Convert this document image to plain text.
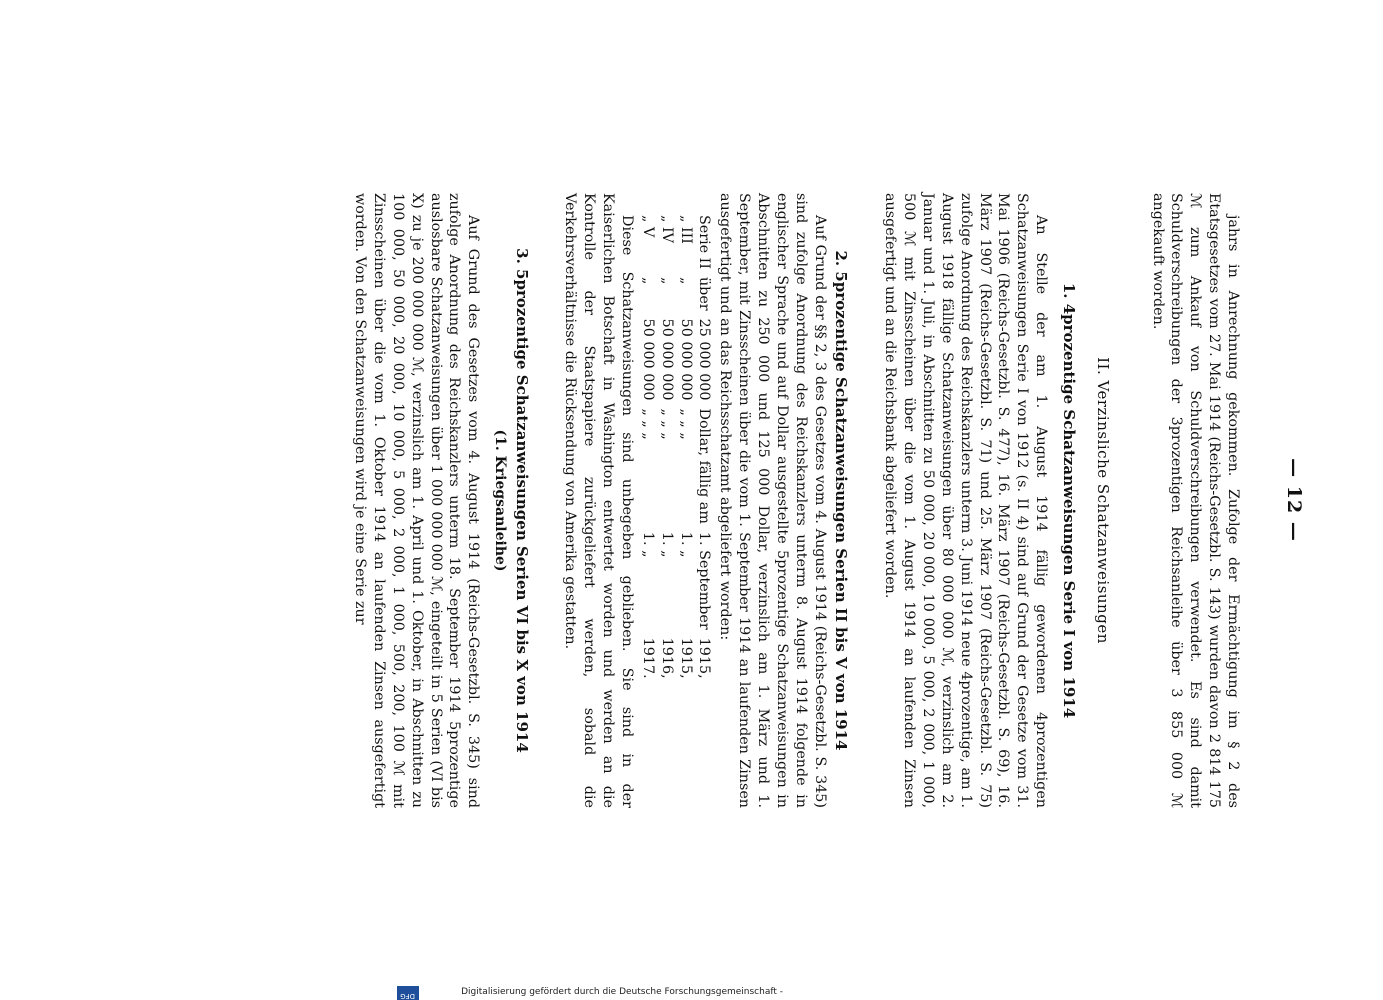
— 12 —

jahrs in Anrechnung gekommen. Zufolge der Ermächtigung im § 2 des Etatsgesetzes vom 27. Mai 1914 (Reichs-Gesetzbl. S. 143) wurden davon 2 814 175 ℳ zum Ankauf von Schuldverschreibungen verwendet. Es sind damit Schuldverschreibungen der 3prozentigen Reichsanleihe über 3 855 000 ℳ angekauft worden.

II. Verzinsliche Schatzanweisungen
1. 4prozentige Schatzanweisungen Serie I von 1914

An Stelle der am 1. August 1914 fällig gewordenen 4prozentigen Schatzanweisungen Serie I von 1912 (s. II 4) sind auf Grund der Gesetze vom 31. Mai 1906 (Reichs-Gesetzbl. S. 477), 16. März 1907 (Reichs-Gesetzbl. S. 69), 16. März 1907 (Reichs-Gesetzbl. S. 71) und 25. März 1907 (Reichs-Gesetzbl. S. 75) zufolge Anordnung des Reichskanzlers unterm 3. Juni 1914 neue 4prozentige, am 1. August 1918 fällige Schatzanweisungen über 80 000 000 ℳ, verzinslich am 2. Januar und 1. Juli, in Abschnitten zu 50 000, 20 000, 10 000, 5 000, 2 000, 1 000, 500 ℳ mit Zinsscheinen über die vom 1. August 1914 an laufenden Zinsen ausgefertigt und an die Reichsbank abgeliefert worden.

2. 5prozentige Schatzanweisungen Serien II bis V von 1914

Auf Grund der §§ 2, 3 des Gesetzes vom 4. August 1914 (Reichs-Gesetzbl. S. 345) sind zufolge Anordnung des Reichskanzlers unterm 8. August 1914 folgende in englischer Sprache und auf Dollar ausgestellte 5prozentige Schatzanweisungen in Abschnitten zu 250 000 und 125 000 Dollar, verzinslich am 1. März und 1. September, mit Zinsscheinen über die vom 1. September 1914 an laufenden Zinsen ausgefertigt und an das Reichsschatzamt abgeliefert worden:

Serie II	über	25 000 000	Dollar, fällig am	1. September	1915,
„ III	„	50 000 000	„ „ „	1. „	1915,
„ IV	„	50 000 000	„ „ „	1. „	1916,
„ V	„	50 000 000	„ „ „	1. „	1917.

Diese Schatzanweisungen sind unbegeben geblieben. Sie sind in der Kaiserlichen Botschaft in Washington entwertet worden und werden an die Kontrolle der Staatspapiere zurückgeliefert werden, sobald die Verkehrsverhältnisse die Rücksendung von Amerika gestatten.

3. 5prozentige Schatzanweisungen Serien VI bis X von 1914
(1. Kriegsanleihe)

Auf Grund des Gesetzes vom 4. August 1914 (Reichs-Gesetzbl. S. 345) sind zufolge Anordnung des Reichskanzlers unterm 18. September 1914 5prozentige auslosbare Schatzanweisungen über 1 000 000 000 ℳ, eingeteilt in 5 Serien (VI bis X) zu je 200 000 000 ℳ, verzinslich am 1. April und 1. Oktober, in Abschnitten zu 100 000, 50 000, 20 000, 10 000, 5 000, 2 000, 1 000, 500, 200, 100 ℳ mit Zinsscheinen über die vom 1. Oktober 1914 an laufenden Zinsen ausgefertigt worden. Von den Schatzanweisungen wird je eine Serie zur

Digitalisierung gefördert durch die Deutsche Forschungsgemeinschaft -
DFG
